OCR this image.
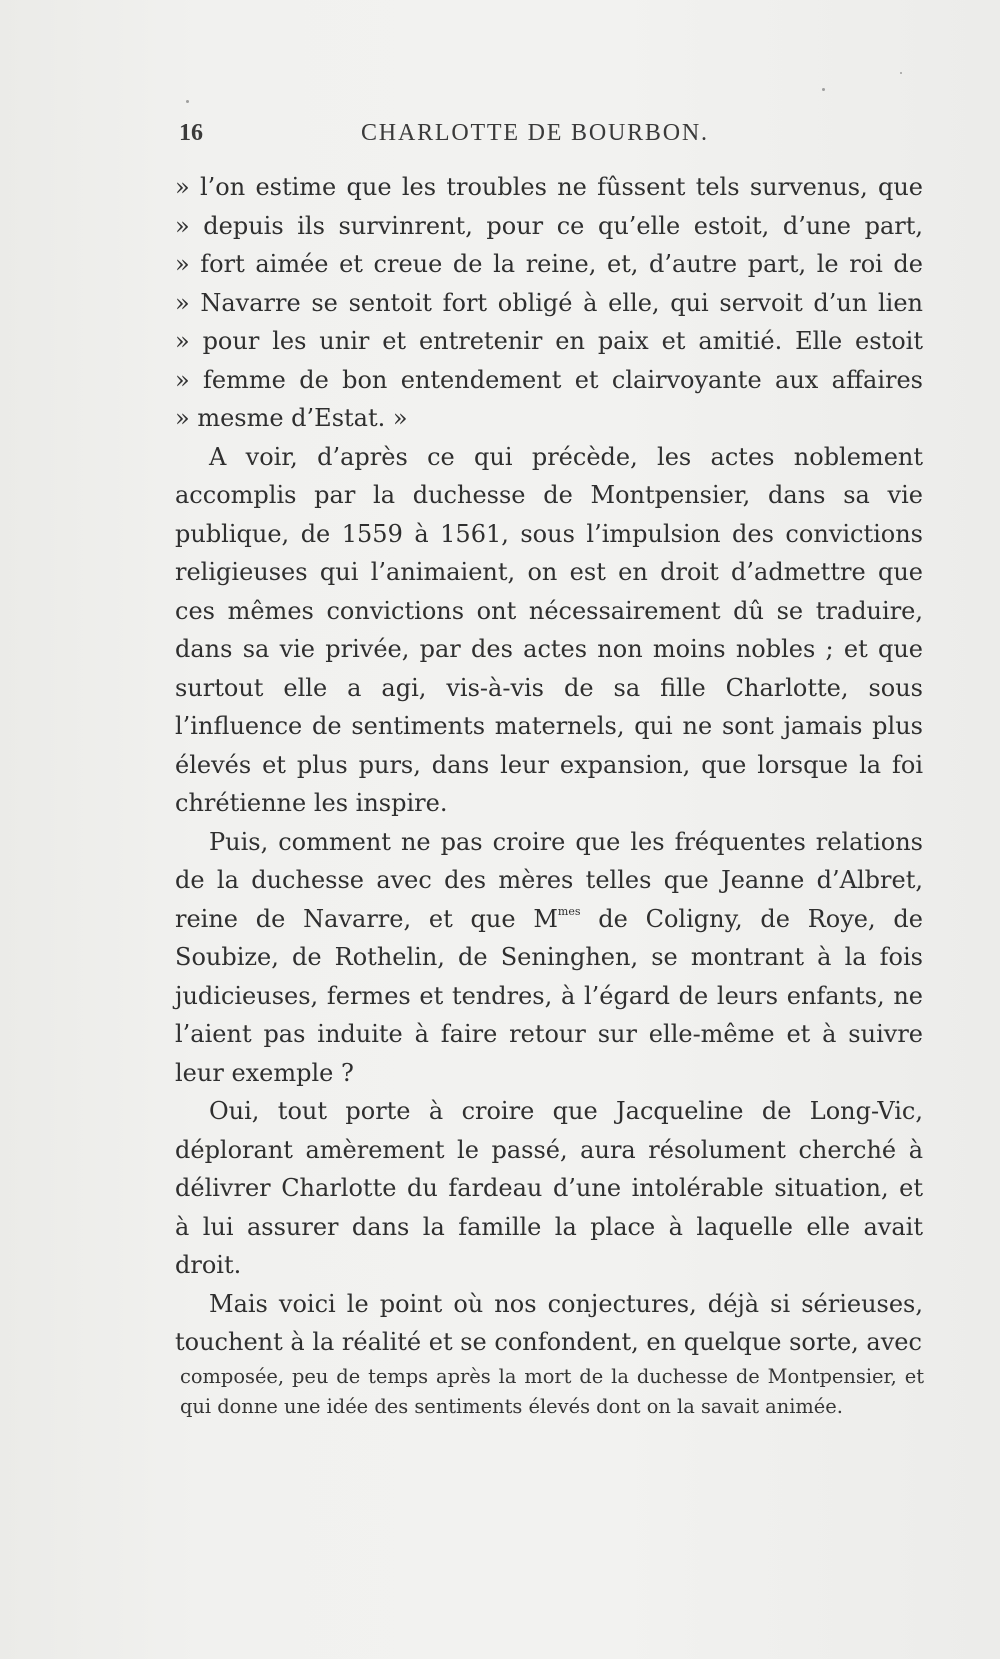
16	CHARLOTTE DE BOURBON.
» l’on estime que les troubles ne fûssent tels survenus, que
» depuis ils survinrent, pour ce qu’elle estoit, d’une part,
» fort aimée et creue de la reine, et, d’autre part, le roi de
» Navarre se sentoit fort obligé à elle, qui servoit d’un lien
» pour les unir et entretenir en paix et amitié. Elle estoit
» femme de bon entendement et clairvoyante aux affaires
» mesme d’Estat. »

A voir, d’après ce qui précède, les actes noblement accomplis par la duchesse de Montpensier, dans sa vie publique, de 1559 à 1561, sous l’impulsion des convictions religieuses qui l’animaient, on est en droit d’admettre que ces mêmes convictions ont nécessairement dû se traduire, dans sa vie privée, par des actes non moins nobles ; et que surtout elle a agi, vis-à-vis de sa fille Charlotte, sous l’influence de sentiments maternels, qui ne sont jamais plus élevés et plus purs, dans leur expansion, que lorsque la foi chrétienne les inspire.

Puis, comment ne pas croire que les fréquentes relations de la duchesse avec des mères telles que Jeanne d’Albret, reine de Navarre, et que $M^{mes}$ de Coligny, de Roye, de Soubize, de Rothelin, de Seninghen, se montrant à la fois judicieuses, fermes et tendres, à l’égard de leurs enfants, ne l’aient pas induite à faire retour sur elle-même et à suivre leur exemple ?

Oui, tout porte à croire que Jacqueline de Long-Vic, déplorant amèrement le passé, aura résolument cherché à délivrer Charlotte du fardeau d’une intolérable situation, et à lui assurer dans la famille la place à laquelle elle avait droit.

Mais voici le point où nos conjectures, déjà si sérieuses, touchent à la réalité et se confondent, en quelque sorte, avec

composée, peu de temps après la mort de la duchesse de Montpensier, et qui donne une idée des sentiments élevés dont on la savait animée.
